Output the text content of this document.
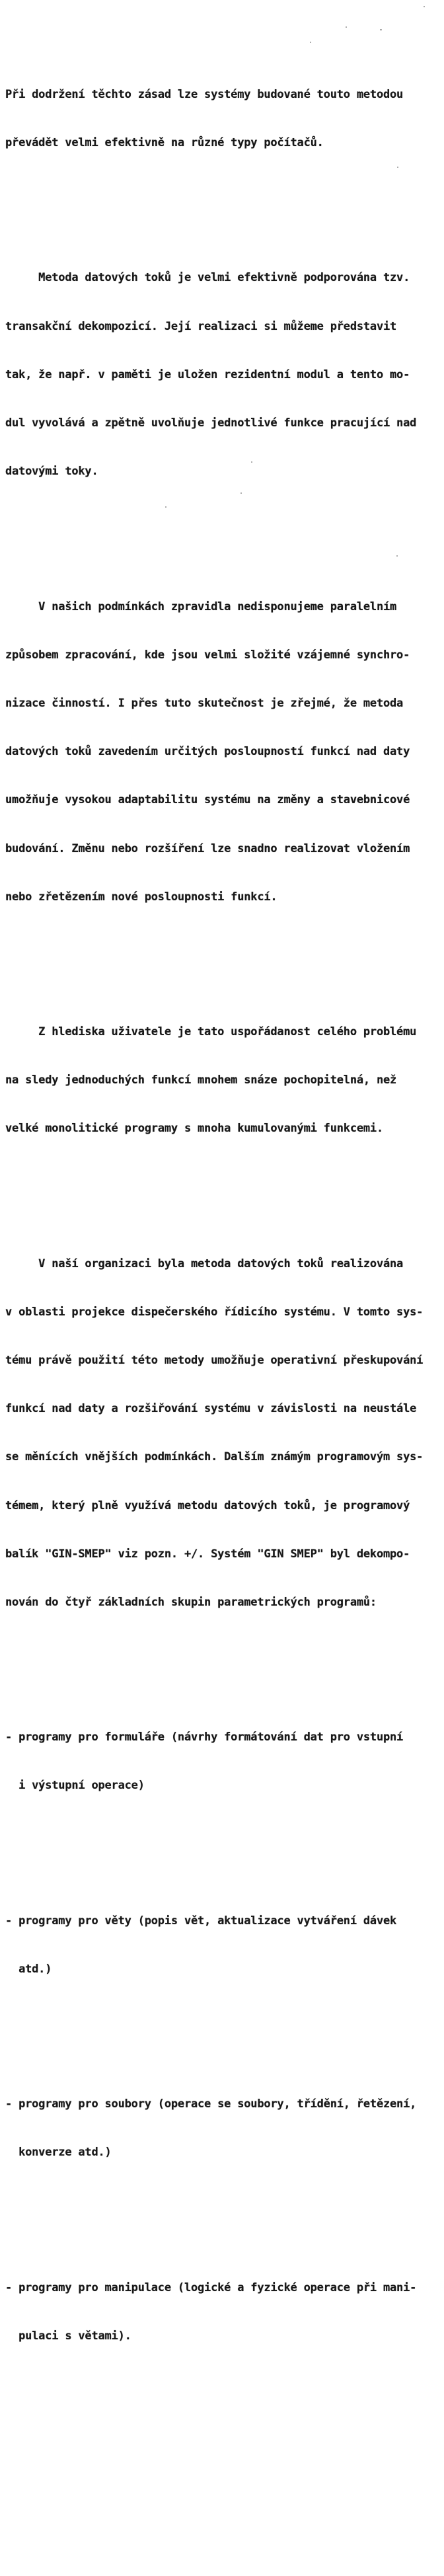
Při dodržení těchto zásad lze systémy budované touto metodou

převádět velmi efektivně na různé typy počítačů.

Metoda datových toků je velmi efektivně podporována tzv.

transakční dekompozicí. Její realizaci si můžeme představit

tak, že např. v paměti je uložen rezidentní modul a tento mo-

dul vyvolává a zpětně uvolňuje jednotlivé funkce pracující nad

datovými toky.

V našich podmínkách zpravidla nedisponujeme paralelním

způsobem zpracování, kde jsou velmi složité vzájemné synchro-

nizace činností. I přes tuto skutečnost je zřejmé, že metoda

datových toků zavedením určitých posloupností funkcí nad daty

umožňuje vysokou adaptabilitu systému na změny a stavebnicové

budování. Změnu nebo rozšíření lze snadno realizovat vložením

nebo zřetězením nové posloupnosti funkcí.

Z hlediska uživatele je tato uspořádanost celého problému

na sledy jednoduchých funkcí mnohem snáze pochopitelná, než

velké monolitické programy s mnoha kumulovanými funkcemi.

V naší organizaci byla metoda datových toků realizována

v oblasti projekce dispečerského řídicího systému. V tomto sys-

tému právě použití této metody umožňuje operativní přeskupování

funkcí nad daty a rozšiřování systému v závislosti na neustále

se měnících vnějších podmínkách. Dalším známým programovým sys-

témem, který plně využívá metodu datových toků, je programový

balík "GIN-SMEP" viz pozn. +/. Systém "GIN SMEP" byl dekompo-

nován do čtyř základních skupin parametrických programů:

- programy pro formuláře (návrhy formátování dat pro vstupní

i výstupní operace)

- programy pro věty (popis vět, aktualizace vytváření dávek

atd.)

- programy pro soubory (operace se soubory, třídění, řetězení,

konverze atd.)

- programy pro manipulace (logické a fyzické operace při mani-

pulaci s větami).
